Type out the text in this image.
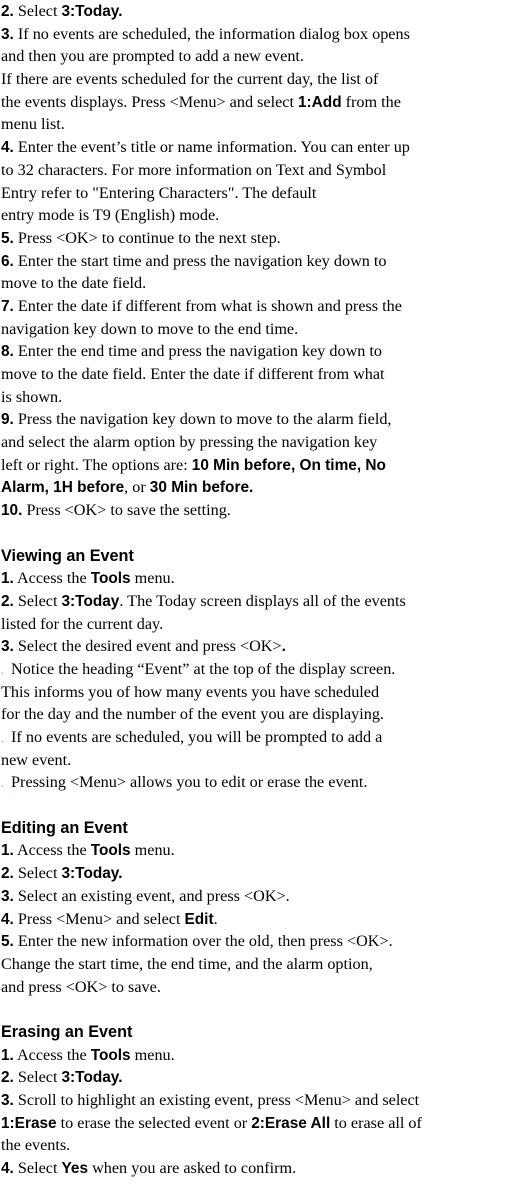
2. Select 3:Today.
3. If no events are scheduled, the information dialog box opens
and then you are prompted to add a new event.
If there are events scheduled for the current day, the list of
the events displays. Press <Menu> and select 1:Add from the
menu list.
4. Enter the event’s title or name information. You can enter up
to 32 characters. For more information on Text and Symbol
Entry refer to "Entering Characters". The default
entry mode is T9 (English) mode.
5. Press <OK> to continue to the next step.
6. Enter the start time and press the navigation key down to
move to the date field.
7. Enter the date if different from what is shown and press the
navigation key down to move to the end time.
8. Enter the end time and press the navigation key down to
move to the date field. Enter the date if different from what
is shown.
9. Press the navigation key down to move to the alarm field,
and select the alarm option by pressing the navigation key
left or right. The options are: 10 Min before, On time, No
Alarm, 1H before, or 30 Min before.
10. Press <OK> to save the setting.
Viewing an Event
1. Access the Tools menu.
2. Select 3:Today. The Today screen displays all of the events
listed for the current day.
3. Select the desired event and press <OK>.
. Notice the heading “Event” at the top of the display screen.
This informs you of how many events you have scheduled
for the day and the number of the event you are displaying.
. If no events are scheduled, you will be prompted to add a
new event.
. Pressing <Menu> allows you to edit or erase the event.
Editing an Event
1. Access the Tools menu.
2. Select 3:Today.
3. Select an existing event, and press <OK>.
4. Press <Menu> and select Edit.
5. Enter the new information over the old, then press <OK>.
Change the start time, the end time, and the alarm option,
and press <OK> to save.
Erasing an Event
1. Access the Tools menu.
2. Select 3:Today.
3. Scroll to highlight an existing event, press <Menu> and select
1:Erase to erase the selected event or 2:Erase All to erase all of
the events.
4. Select Yes when you are asked to confirm.
